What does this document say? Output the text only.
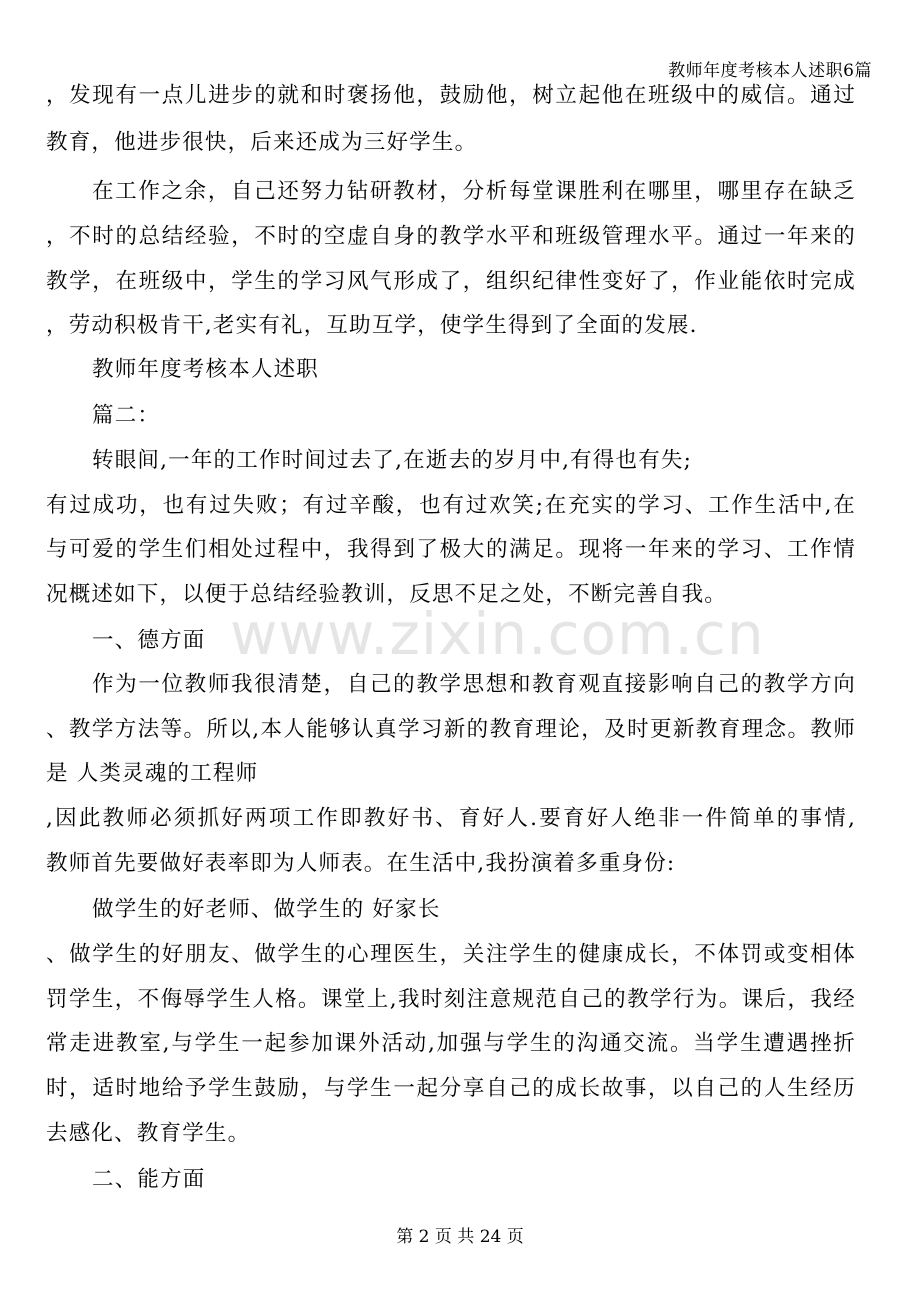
教师年度考核本人述职6篇
www.zixin.com.cn
，发现有一点儿进步的就和时褒扬他，鼓励他，树立起他在班级中的威信。通过
教育，他进步很快，后来还成为三好学生。
在工作之余，自己还努力钻研教材，分析每堂课胜利在哪里，哪里存在缺乏
，不时的总结经验，不时的空虚自身的教学水平和班级管理水平。通过一年来的
教学，在班级中，学生的学习风气形成了，组织纪律性变好了，作业能依时完成
，劳动积极肯干,老实有礼，互助互学，使学生得到了全面的发展.
教师年度考核本人述职
篇二：
转眼间,一年的工作时间过去了,在逝去的岁月中,有得也有失;
有过成功，也有过失败；有过辛酸，也有过欢笑;在充实的学习、工作生活中,在
与可爱的学生们相处过程中，我得到了极大的满足。现将一年来的学习、工作情
况概述如下，以便于总结经验教训，反思不足之处，不断完善自我。
一、德方面
作为一位教师我很清楚，自己的教学思想和教育观直接影响自己的教学方向
、教学方法等。所以,本人能够认真学习新的教育理论，及时更新教育理念。教师
是 人类灵魂的工程师
,因此教师必须抓好两项工作即教好书、育好人.要育好人绝非一件简单的事情,
教师首先要做好表率即为人师表。在生活中,我扮演着多重身份:
做学生的好老师、做学生的 好家长
、做学生的好朋友、做学生的心理医生，关注学生的健康成长，不体罚或变相体
罚学生，不侮辱学生人格。课堂上,我时刻注意规范自己的教学行为。课后，我经
常走进教室,与学生一起参加课外活动,加强与学生的沟通交流。当学生遭遇挫折
时，适时地给予学生鼓励，与学生一起分享自己的成长故事，以自己的人生经历
去感化、教育学生。
二、能方面
第 2 页 共 24 页
